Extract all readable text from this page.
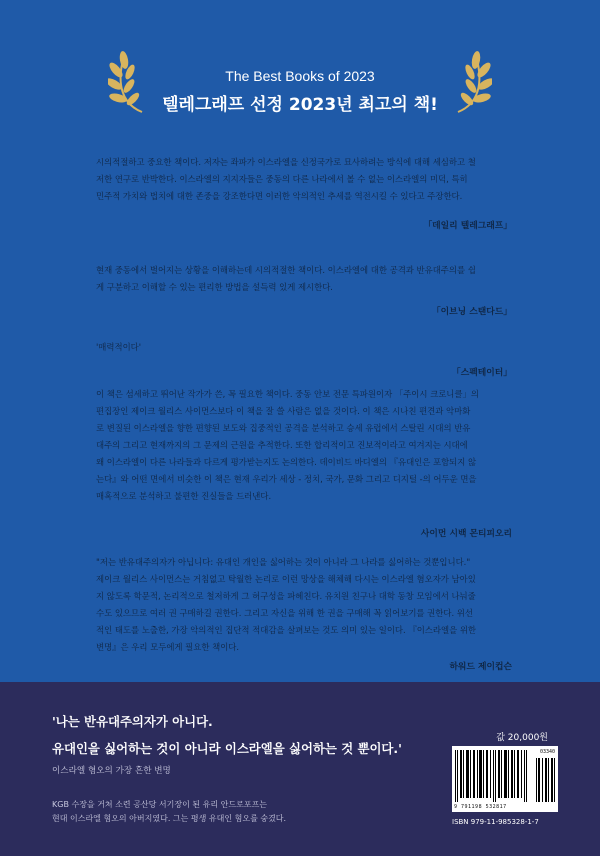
The Best Books of 2023
텔레그래프 선정 2023년 최고의 책!
시의적절하고 중요한 책이다. 저자는 좌파가 이스라엘을 신정국가로 묘사하려는 방식에 대해 세심하고 철
저한 연구로 반박한다. 이스라엘의 지지자들은 중동의 다른 나라에서 볼 수 없는 이스라엘의 미덕, 특히
민주적 가치와 법치에 대한 존중을 강조한다면 이러한 악의적인 추세를 역전시킬 수 있다고 주장한다.
「데일리 텔레그래프」
현재 중동에서 벌어지는 상황을 이해하는데 시의적절한 책이다. 이스라엘에 대한 공격과 반유대주의를 쉽
게 구분하고 이해할 수 있는 편리한 방법을 설득력 있게 제시한다.
「이브닝 스탠다드」
'매력적이다'
「스펙테이터」
이 책은 섬세하고 뛰어난 작가가 쓴, 꼭 필요한 책이다. 중동 안보 전문 특파원이자 「주이시 크로니클」의
편집장인 제이크 월리스 사이먼스보다 이 책을 잘 쓸 사람은 없을 것이다. 이 책은 시나친 편견과 악마화
로 변질된 이스라엘을 향한 편향된 보도와 집중적인 공격을 분석하고 승세 유럽에서 스탈린 시대의 반유
대주의 그리고 현재까지의 그 문제의 근원을 추적한다. 또한 합리적이고 진보적이라고 여겨지는 시대에
왜 이스라엘이 다른 나라들과 다르게 평가받는지도 논의한다. 데이비드 바디엘의 『유대인은 포함되지 않
는다』와 어떤 면에서 비슷한 이 책은 현재 우리가 세상 - 정치, 국가, 문화 그리고 디지털 -의 어두운 면을
매혹적으로 분석하고 불편한 진실들을 드러낸다.
사이먼 시백 몬티피오리
"저는 반유대주의자가 아닙니다: 유대인 개인을 싫어하는 것이 아니라 그 나라를 싫어하는 것뿐입니다."
제이크 월리스 사이먼스는 거침없고 탁월한 논리로 이런 망상을 해체해 다시는 이스라엘 혐오자가 남아있
지 않도록 학문적, 논리적으로 철저하게 그 허구성을 파헤친다. 유치원 친구나 대학 동창 모임에서 나눠줄
수도 있으므로 여러 권 구매하길 권한다. 그리고 자신을 위해 한 권을 구매해 꼭 읽어보기를 권한다. 위선
적인 태도를 노출한, 가장 악의적인 집단적 적대감을 살펴보는 것도 의미 있는 일이다. 『이스라엘을 위한
변명』은 우리 모두에게 필요한 책이다.
하워드 제이컵슨
'나는 반유대주의자가 아니다.
유대인을 싫어하는 것이 아니라 이스라엘을 싫어하는 것 뿐이다.'
이스라엘 혐오의 가장 흔한 변명
KGB 수장을 거쳐 소련 공산당 서기장이 된 유리 안드로포프는
현대 이스라엘 혐오의 아버지였다. 그는 평생 유대인 혐오를 숭겼다.
값 20,000원
03340
9 791198 532817
ISBN 979-11-985328-1-7
